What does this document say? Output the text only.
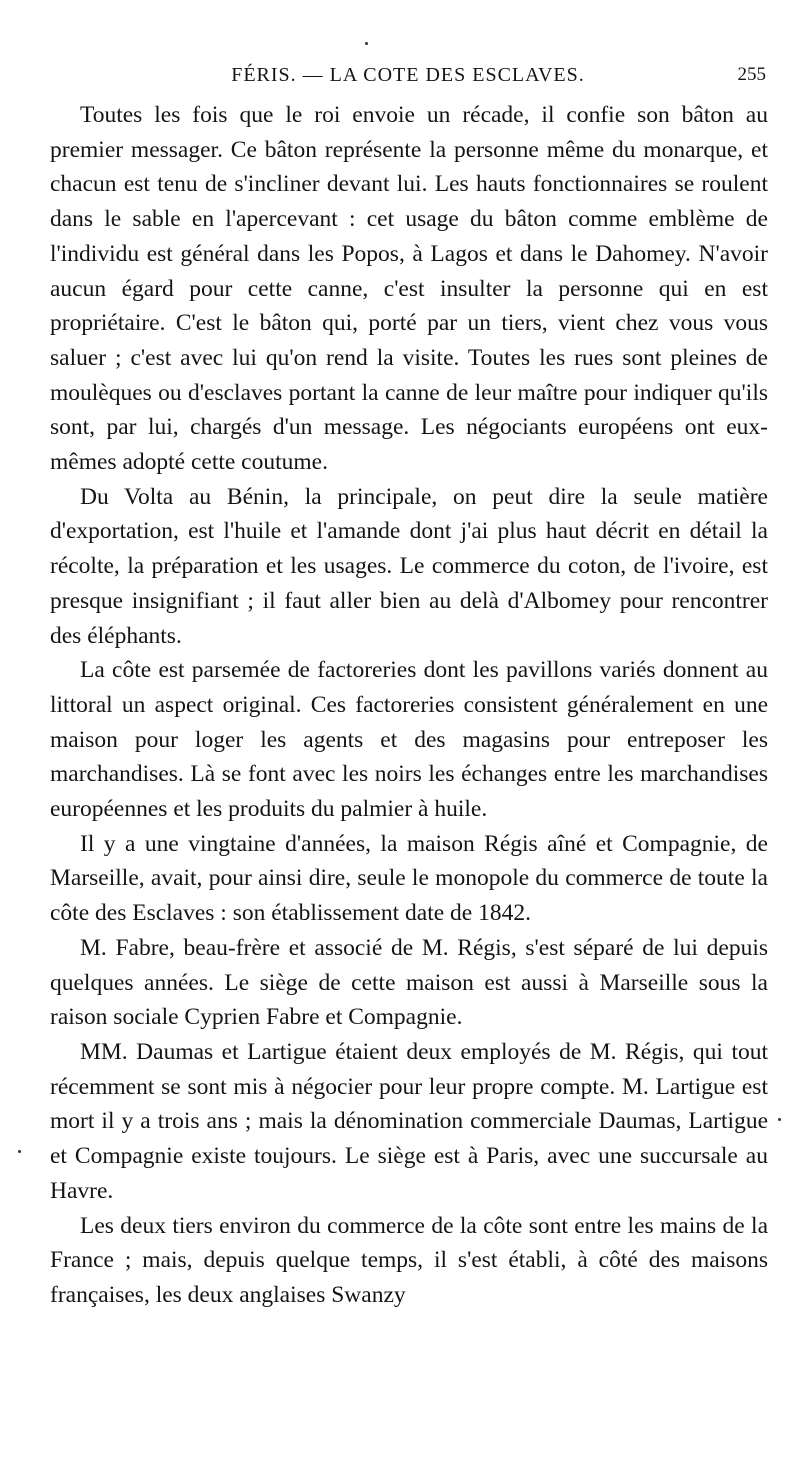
FÉRIS. — LA COTE DES ESCLAVES.	255

Toutes les fois que le roi envoie un récade, il confie son bâton au premier messager. Ce bâton représente la personne même du monarque, et chacun est tenu de s'incliner devant lui. Les hauts fonctionnaires se roulent dans le sable en l'apercevant : cet usage du bâton comme emblème de l'individu est général dans les Popos, à Lagos et dans le Dahomey. N'avoir aucun égard pour cette canne, c'est insulter la personne qui en est propriétaire. C'est le bâton qui, porté par un tiers, vient chez vous vous saluer ; c'est avec lui qu'on rend la visite. Toutes les rues sont pleines de moulèques ou d'esclaves portant la canne de leur maître pour indiquer qu'ils sont, par lui, chargés d'un message. Les négociants européens ont eux-mêmes adopté cette coutume.

Du Volta au Bénin, la principale, on peut dire la seule matière d'exportation, est l'huile et l'amande dont j'ai plus haut décrit en détail la récolte, la préparation et les usages. Le commerce du coton, de l'ivoire, est presque insignifiant ; il faut aller bien au delà d'Albomey pour rencontrer des éléphants.

La côte est parsemée de factoreries dont les pavillons variés donnent au littoral un aspect original. Ces factoreries consistent généralement en une maison pour loger les agents et des magasins pour entreposer les marchandises. Là se font avec les noirs les échanges entre les marchandises européennes et les produits du palmier à huile.

Il y a une vingtaine d'années, la maison Régis aîné et Compagnie, de Marseille, avait, pour ainsi dire, seule le monopole du commerce de toute la côte des Esclaves : son établissement date de 1842.

M. Fabre, beau-frère et associé de M. Régis, s'est séparé de lui depuis quelques années. Le siège de cette maison est aussi à Marseille sous la raison sociale Cyprien Fabre et Compagnie.

MM. Daumas et Lartigue étaient deux employés de M. Régis, qui tout récemment se sont mis à négocier pour leur propre compte. M. Lartigue est mort il y a trois ans ; mais la dénomination commerciale Daumas, Lartigue et Compagnie existe toujours. Le siège est à Paris, avec une succursale au Havre.

Les deux tiers environ du commerce de la côte sont entre les mains de la France ; mais, depuis quelque temps, il s'est établi, à côté des maisons françaises, les deux anglaises Swanzy
